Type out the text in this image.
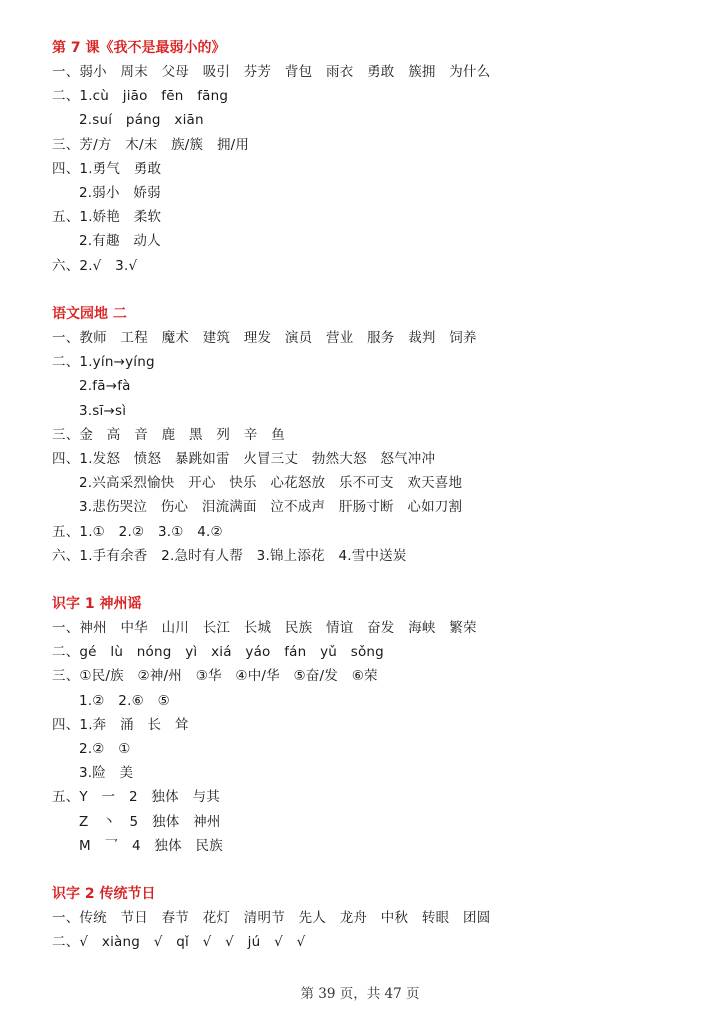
第 7 课《我不是最弱小的》
一、弱小　周末　父母　吸引　芬芳　背包　雨衣　勇敢　簇拥　为什么
二、1.cù　jiāo　fēn　fāng
2.suí　páng　xiān
三、芳/方　木/末　族/簇　拥/用
四、1.勇气　勇敢
2.弱小　娇弱
五、1.娇艳　柔软
2.有趣　动人
六、2.√　3.√
语文园地 二
一、教师　工程　魔术　建筑　理发　演员　营业　服务　裁判　饲养
二、1.yín→yíng
2.fā→fà
3.sī→sì
三、金　高　音　鹿　黑　列　辛　鱼
四、1.发怒　愤怒　暴跳如雷　火冒三丈　勃然大怒　怒气冲冲
2.兴高采烈愉快　开心　快乐　心花怒放　乐不可支　欢天喜地
3.悲伤哭泣　伤心　泪流满面　泣不成声　肝肠寸断　心如刀割
五、1.①　2.②　3.①　4.②
六、1.手有余香　2.急时有人帮　3.锦上添花　4.雪中送炭
识字 1 神州谣
一、神州　中华　山川　长江　长城　民族　情谊　奋发　海峡　繁荣
二、gé　lù　nóng　yì　xiá　yáo　fán　yǔ　sǒng
三、①民/族　②神/州　③华　④中/华　⑤奋/发　⑥荣
1.②　2.⑥　⑤
四、1.奔　涌　长　耸
2.②　①
3.险　美
五、Y　一　2　独体　与其
Z　丶　5　独体　神州
M　乛　4　独体　民族
识字 2 传统节日
一、传统　节日　春节　花灯　清明节　先人　龙舟　中秋　转眼　团圆
二、√　xiàng　√　qǐ　√　√　jú　√　√
第 39 页，共 47 页
